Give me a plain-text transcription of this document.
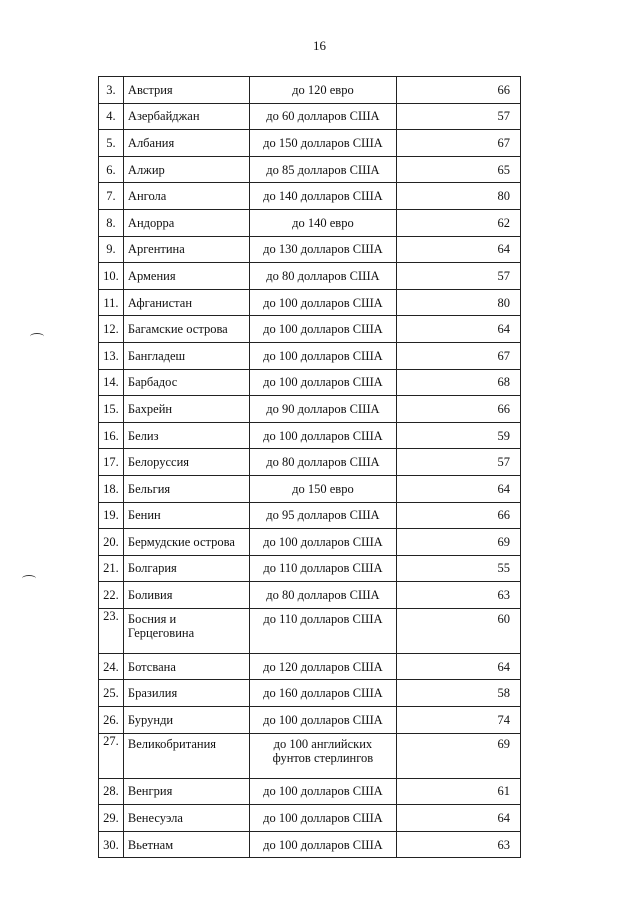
16
3.	Австрия	до 120 евро	66
4.	Азербайджан	до 60 долларов США	57
5.	Албания	до 150 долларов США	67
6.	Алжир	до 85 долларов США	65
7.	Ангола	до 140 долларов США	80
8.	Андорра	до 140 евро	62
9.	Аргентина	до 130 долларов США	64
10.	Армения	до 80 долларов США	57
11.	Афганистан	до 100 долларов США	80
12.	Багамские острова	до 100 долларов США	64
13.	Бангладеш	до 100 долларов США	67
14.	Барбадос	до 100 долларов США	68
15.	Бахрейн	до 90 долларов США	66
16.	Белиз	до 100 долларов США	59
17.	Белоруссия	до 80 долларов США	57
18.	Бельгия	до 150 евро	64
19.	Бенин	до 95 долларов США	66
20.	Бермудские острова	до 100 долларов США	69
21.	Болгария	до 110 долларов США	55
22.	Боливия	до 80 долларов США	63
23.	Босния и Герцеговина	до 110 долларов США	60
24.	Ботсвана	до 120 долларов США	64
25.	Бразилия	до 160 долларов США	58
26.	Бурунди	до 100 долларов США	74
27.	Великобритания	до 100 английских фунтов стерлингов	69
28.	Венгрия	до 100 долларов США	61
29.	Венесуэла	до 100 долларов США	64
30.	Вьетнам	до 100 долларов США	63
